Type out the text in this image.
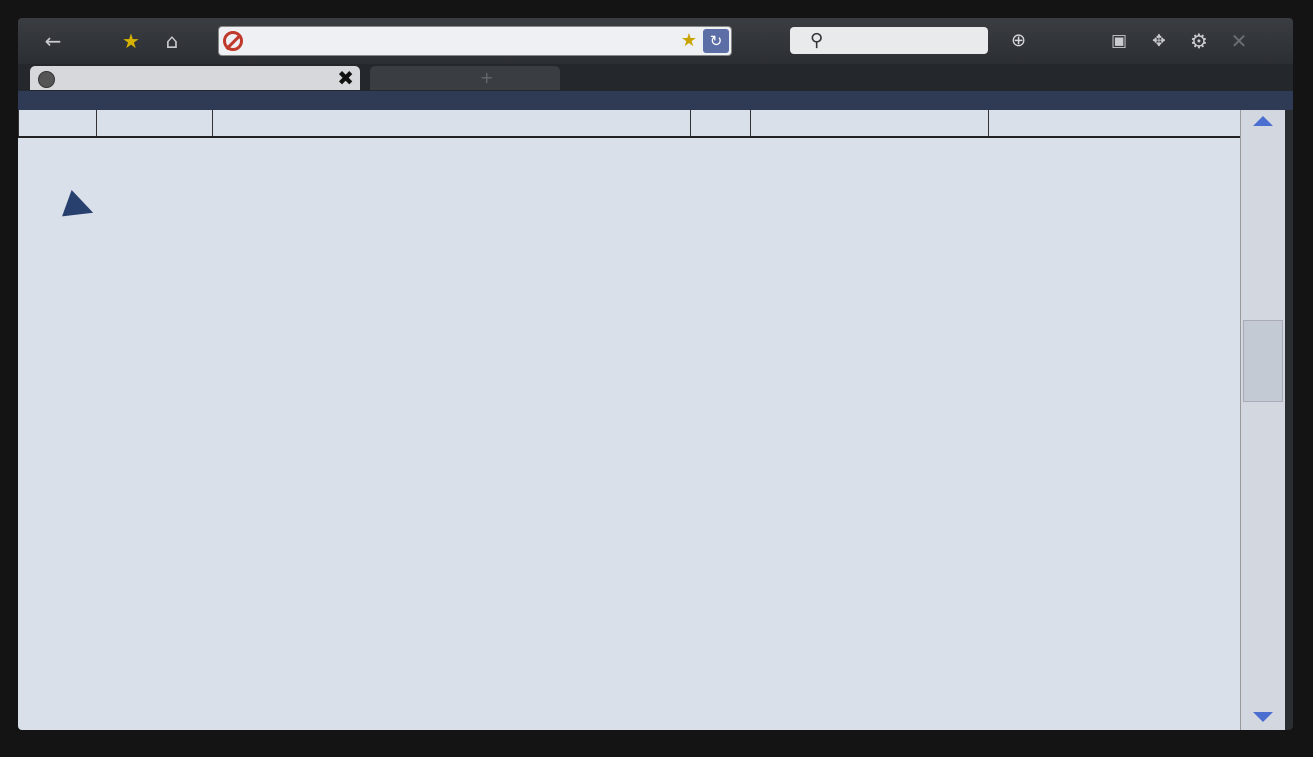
←	★	⌂	★ ↻	⚲	⊕	▣	✥	⚙ ✕
✖	+
